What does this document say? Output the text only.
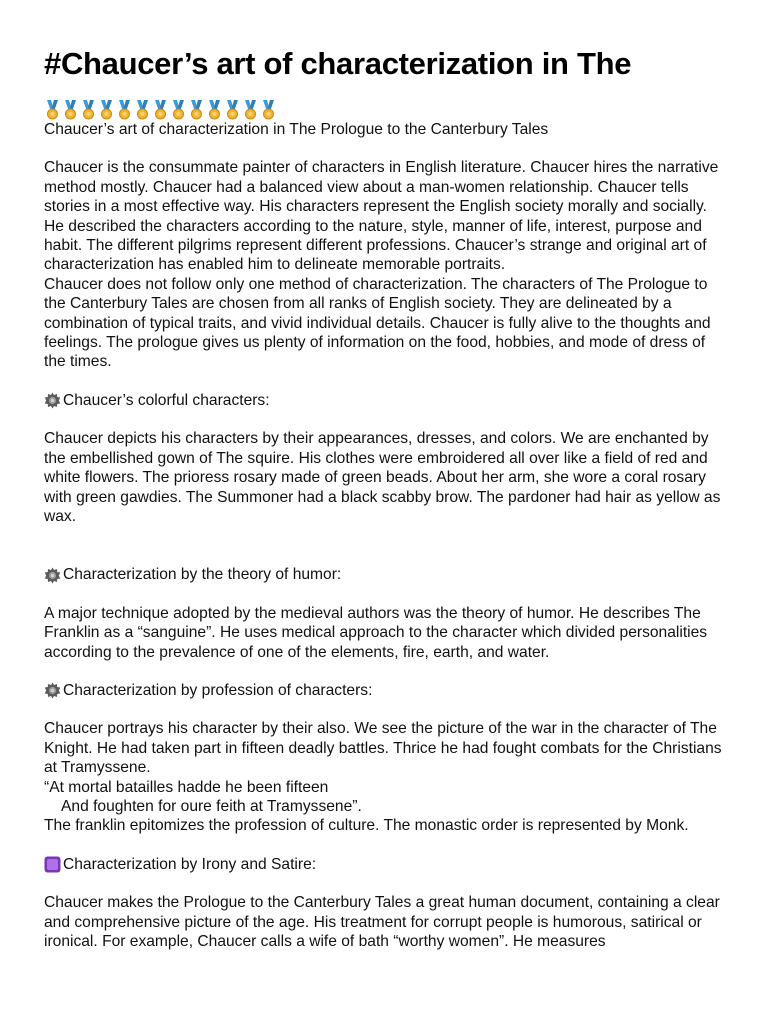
#Chaucer’s art of characterization in The

Chaucer’s art of characterization in The Prologue to the Canterbury Tales

Chaucer is the consummate painter of characters in English literature. Chaucer hires the narrative method mostly. Chaucer had a balanced view about a man-women relationship. Chaucer tells stories in a most effective way. His characters represent the English society morally and socially. He described the characters according to the nature, style, manner of life, interest, purpose and habit. The different pilgrims represent different professions. Chaucer’s strange and original art of characterization has enabled him to delineate memorable portraits.

Chaucer does not follow only one method of characterization. The characters of The Prologue to the Canterbury Tales are chosen from all ranks of English society. They are delineated by a combination of typical traits, and vivid individual details. Chaucer is fully alive to the thoughts and feelings. The prologue gives us plenty of information on the food, hobbies, and mode of dress of the times.

Chaucer’s colorful characters:

Chaucer depicts his characters by their appearances, dresses, and colors. We are enchanted by the embellished gown of The squire. His clothes were embroidered all over like a field of red and white flowers. The prioress rosary made of green beads. About her arm, she wore a coral rosary with green gawdies. The Summoner had a black scabby brow. The pardoner had hair as yellow as wax.

Characterization by the theory of humor:

A major technique adopted by the medieval authors was the theory of humor. He describes The Franklin as a “sanguine”. He uses medical approach to the character which divided personalities according to the prevalence of one of the elements, fire, earth, and water.

Characterization by profession of characters:

Chaucer portrays his character by their also. We see the picture of the war in the character of The Knight. He had taken part in fifteen deadly battles. Thrice he had fought combats for the Christians at Tramyssene.

“At mortal batailles hadde he been fifteen

And foughten for oure feith at Tramyssene”.

The franklin epitomizes the profession of culture. The monastic order is represented by Monk.

Characterization by Irony and Satire:

Chaucer makes the Prologue to the Canterbury Tales a great human document, containing a clear and comprehensive picture of the age. His treatment for corrupt people is humorous, satirical or ironical. For example, Chaucer calls a wife of bath “worthy women”. He measures
